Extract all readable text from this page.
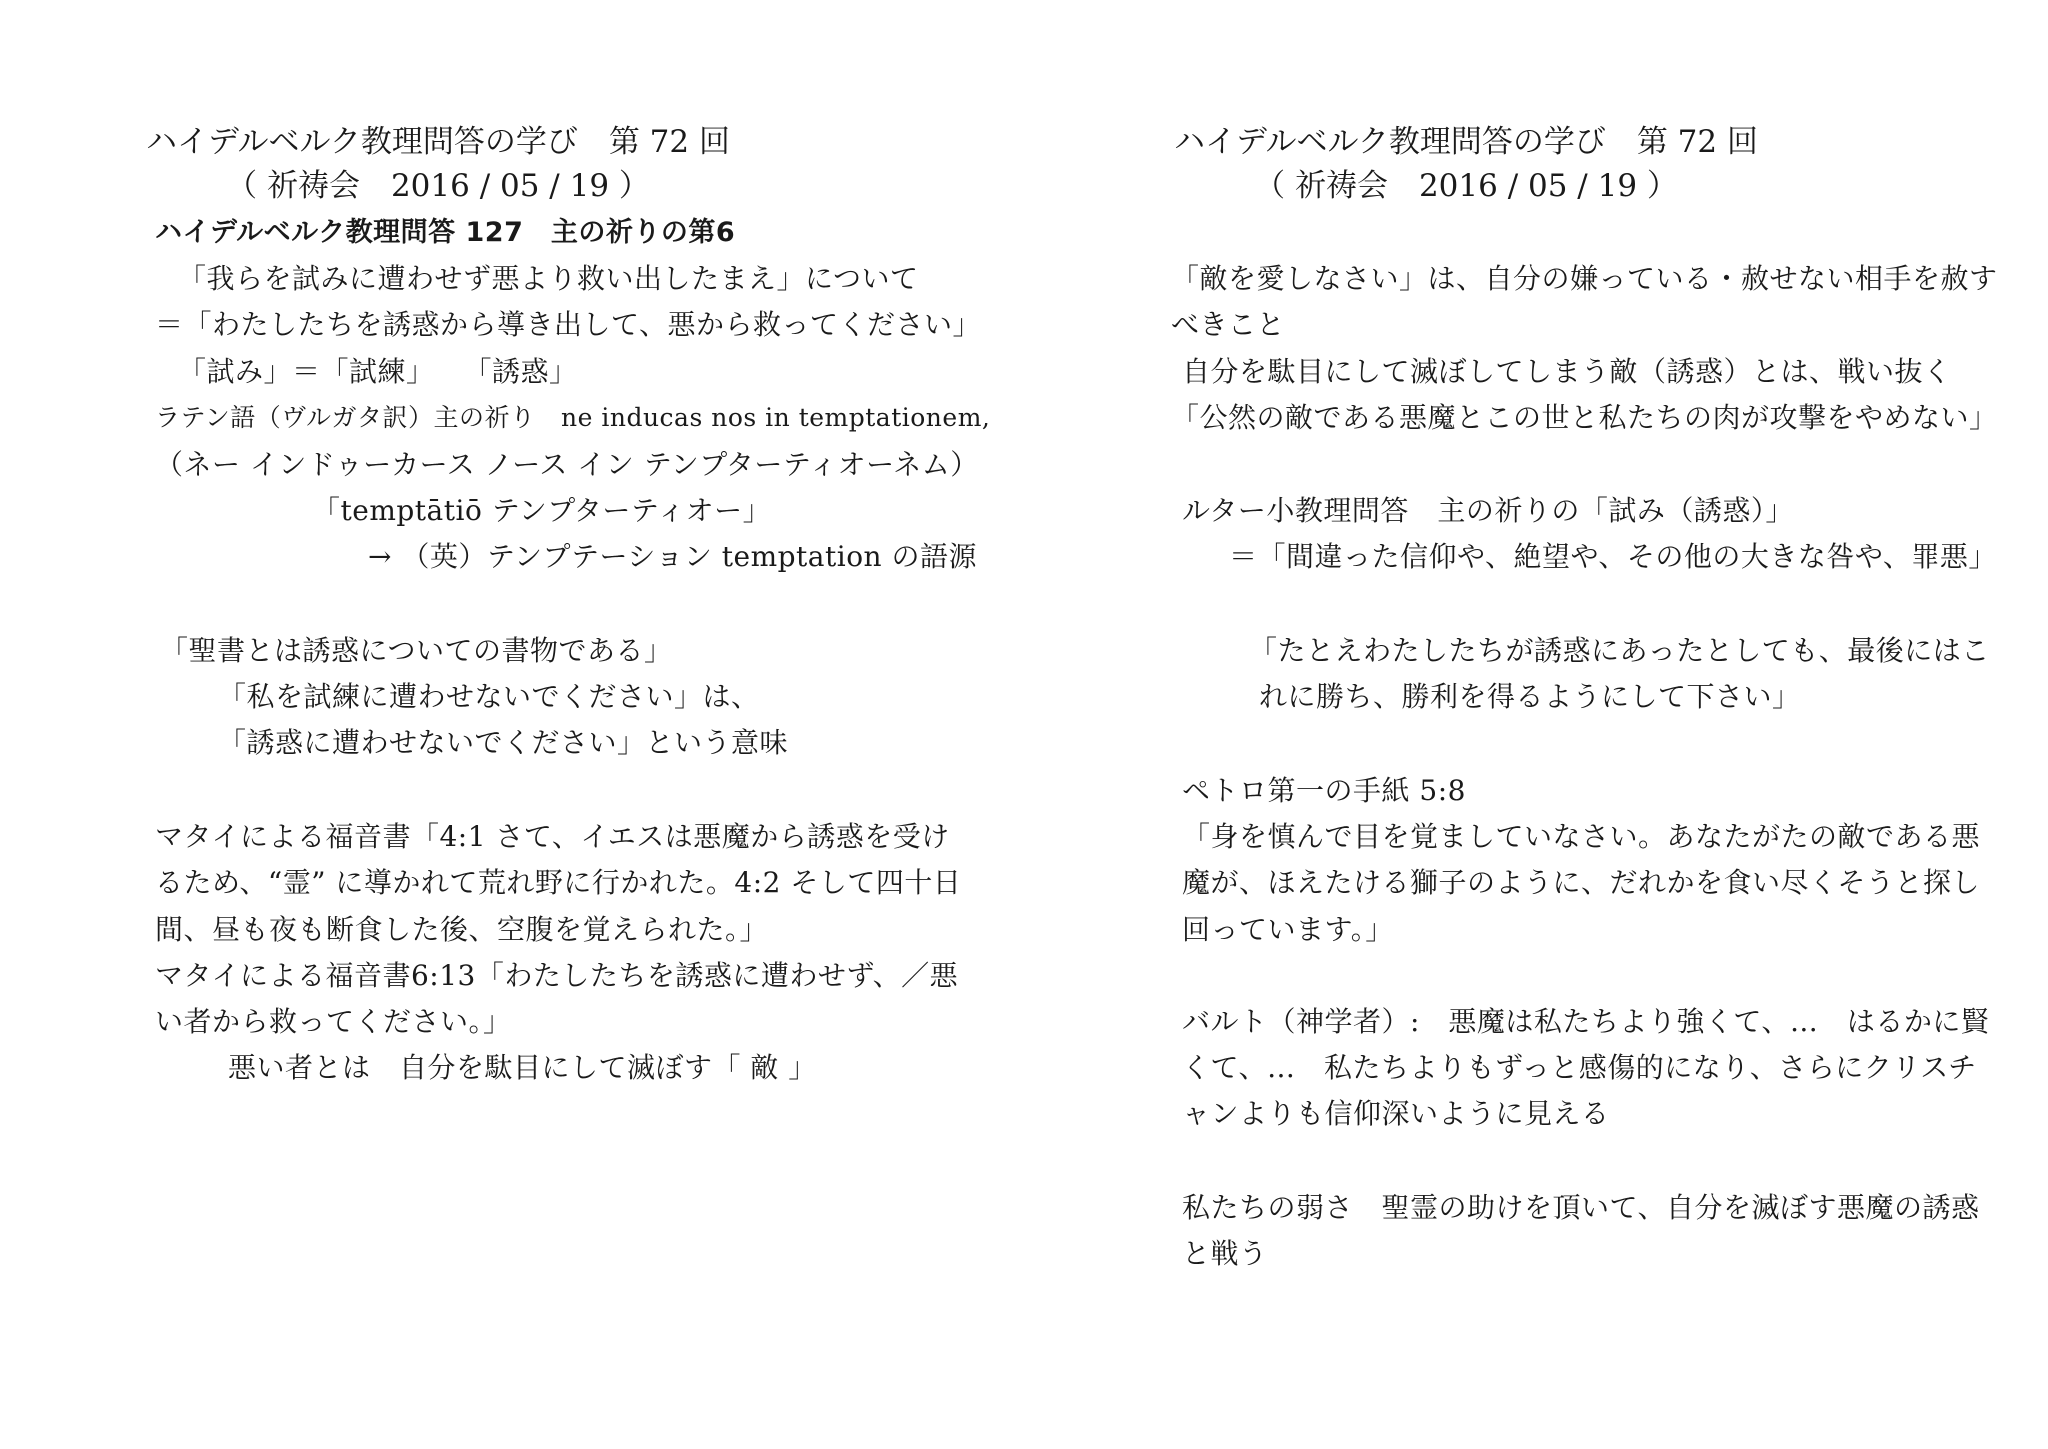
ハイデルベルク教理問答の学び　第 72 回
（ 祈祷会　2016 / 05 / 19 ）
ハイデルベルク教理問答 127　主の祈りの第6
「我らを試みに遭わせず悪より救い出したまえ」について
＝「わたしたちを誘惑から導き出して、悪から救ってください」
「試み」＝「試練」　　「誘惑」
ラテン語（ヴルガタ訳）主の祈り　ne inducas nos in temptationem,
（ネー インドゥーカース ノース イン テンプターティオーネム）
「temptātiō テンプターティオー」
→ （英）テンプテーション temptation の語源
「聖書とは誘惑についての書物である」
「私を試練に遭わせないでください」は、
「誘惑に遭わせないでください」という意味
マタイによる福音書「4:1 さて、イエスは悪魔から誘惑を受け
るため、“霊” に導かれて荒れ野に行かれた。4:2 そして四十日
間、昼も夜も断食した後、空腹を覚えられた。」
マタイによる福音書6:13「わたしたちを誘惑に遭わせず、／悪
い者から救ってください。」
悪い者とは　自分を駄目にして滅ぼす「 敵 」
ハイデルベルク教理問答の学び　第 72 回
（ 祈祷会　2016 / 05 / 19 ）
「敵を愛しなさい」は、自分の嫌っている・赦せない相手を赦す
べきこと
自分を駄目にして滅ぼしてしまう敵（誘惑）とは、戦い抜く
「公然の敵である悪魔とこの世と私たちの肉が攻撃をやめない」
ルター小教理問答　主の祈りの「試み（誘惑）」
＝「間違った信仰や、絶望や、その他の大きな咎や、罪悪」
「たとえわたしたちが誘惑にあったとしても、最後にはこ
れに勝ち、勝利を得るようにして下さい」
ペトロ第一の手紙 5:8
「身を慎んで目を覚ましていなさい。あなたがたの敵である悪
魔が、ほえたける獅子のように、だれかを食い尽くそうと探し
回っています。」
バルト（神学者）:　悪魔は私たちより強くて、…　はるかに賢
くて、…　私たちよりもずっと感傷的になり、さらにクリスチ
ャンよりも信仰深いように見える
私たちの弱さ　聖霊の助けを頂いて、自分を滅ぼす悪魔の誘惑
と戦う
